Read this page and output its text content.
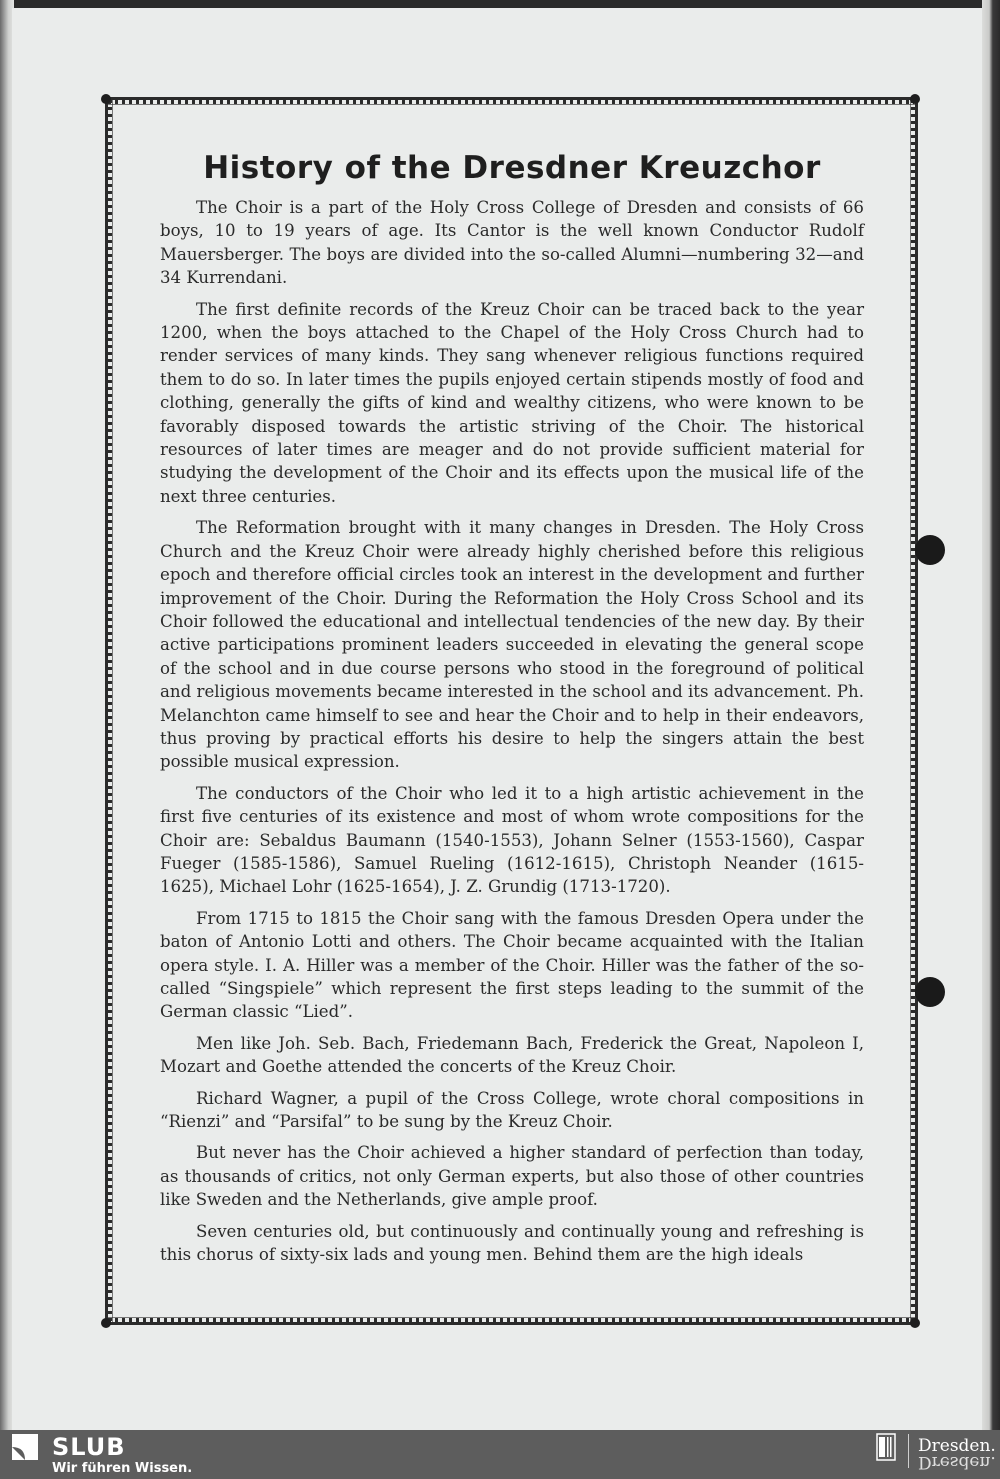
History of the Dresdner Kreuzchor

The Choir is a part of the Holy Cross College of Dresden and consists of 66 boys, 10 to 19 years of age. Its Cantor is the well known Conductor Rudolf Mauersberger. The boys are divided into the so-called Alumni—numbering 32—and 34 Kurrendani.

The first definite records of the Kreuz Choir can be traced back to the year 1200, when the boys attached to the Chapel of the Holy Cross Church had to render services of many kinds. They sang whenever religious functions required them to do so. In later times the pupils enjoyed certain stipends mostly of food and clothing, generally the gifts of kind and wealthy citizens, who were known to be favorably disposed towards the artistic striving of the Choir. The historical resources of later times are meager and do not provide sufficient material for studying the development of the Choir and its effects upon the musical life of the next three centuries.

The Reformation brought with it many changes in Dresden. The Holy Cross Church and the Kreuz Choir were already highly cherished before this religious epoch and therefore official circles took an interest in the development and further improvement of the Choir. During the Reformation the Holy Cross School and its Choir followed the educational and intellectual tendencies of the new day. By their active participations prominent leaders succeeded in elevating the general scope of the school and in due course persons who stood in the foreground of political and religious movements became interested in the school and its advancement. Ph. Melanchton came himself to see and hear the Choir and to help in their endeavors, thus proving by practical efforts his desire to help the singers attain the best possible musical expression.

The conductors of the Choir who led it to a high artistic achievement in the first five centuries of its existence and most of whom wrote compositions for the Choir are: Sebaldus Baumann (1540-1553), Johann Selner (1553-1560), Caspar Fueger (1585-1586), Samuel Rueling (1612-1615), Christoph Neander (1615-1625), Michael Lohr (1625-1654), J. Z. Grundig (1713-1720).

From 1715 to 1815 the Choir sang with the famous Dresden Opera under the baton of Antonio Lotti and others. The Choir became acquainted with the Italian opera style. I. A. Hiller was a member of the Choir. Hiller was the father of the so-called “Singspiele” which represent the first steps leading to the summit of the German classic “Lied”.

Men like Joh. Seb. Bach, Friedemann Bach, Frederick the Great, Napoleon I, Mozart and Goethe attended the concerts of the Kreuz Choir.

Richard Wagner, a pupil of the Cross College, wrote choral compositions in “Rienzi” and “Parsifal” to be sung by the Kreuz Choir.

But never has the Choir achieved a higher standard of perfection than today, as thousands of critics, not only German experts, but also those of other countries like Sweden and the Netherlands, give ample proof.

Seven centuries old, but continuously and continually young and refreshing is this chorus of sixty-six lads and young men. Behind them are the high ideals

SLUB
Wir führen Wissen.
Dresden.
Dresden.
